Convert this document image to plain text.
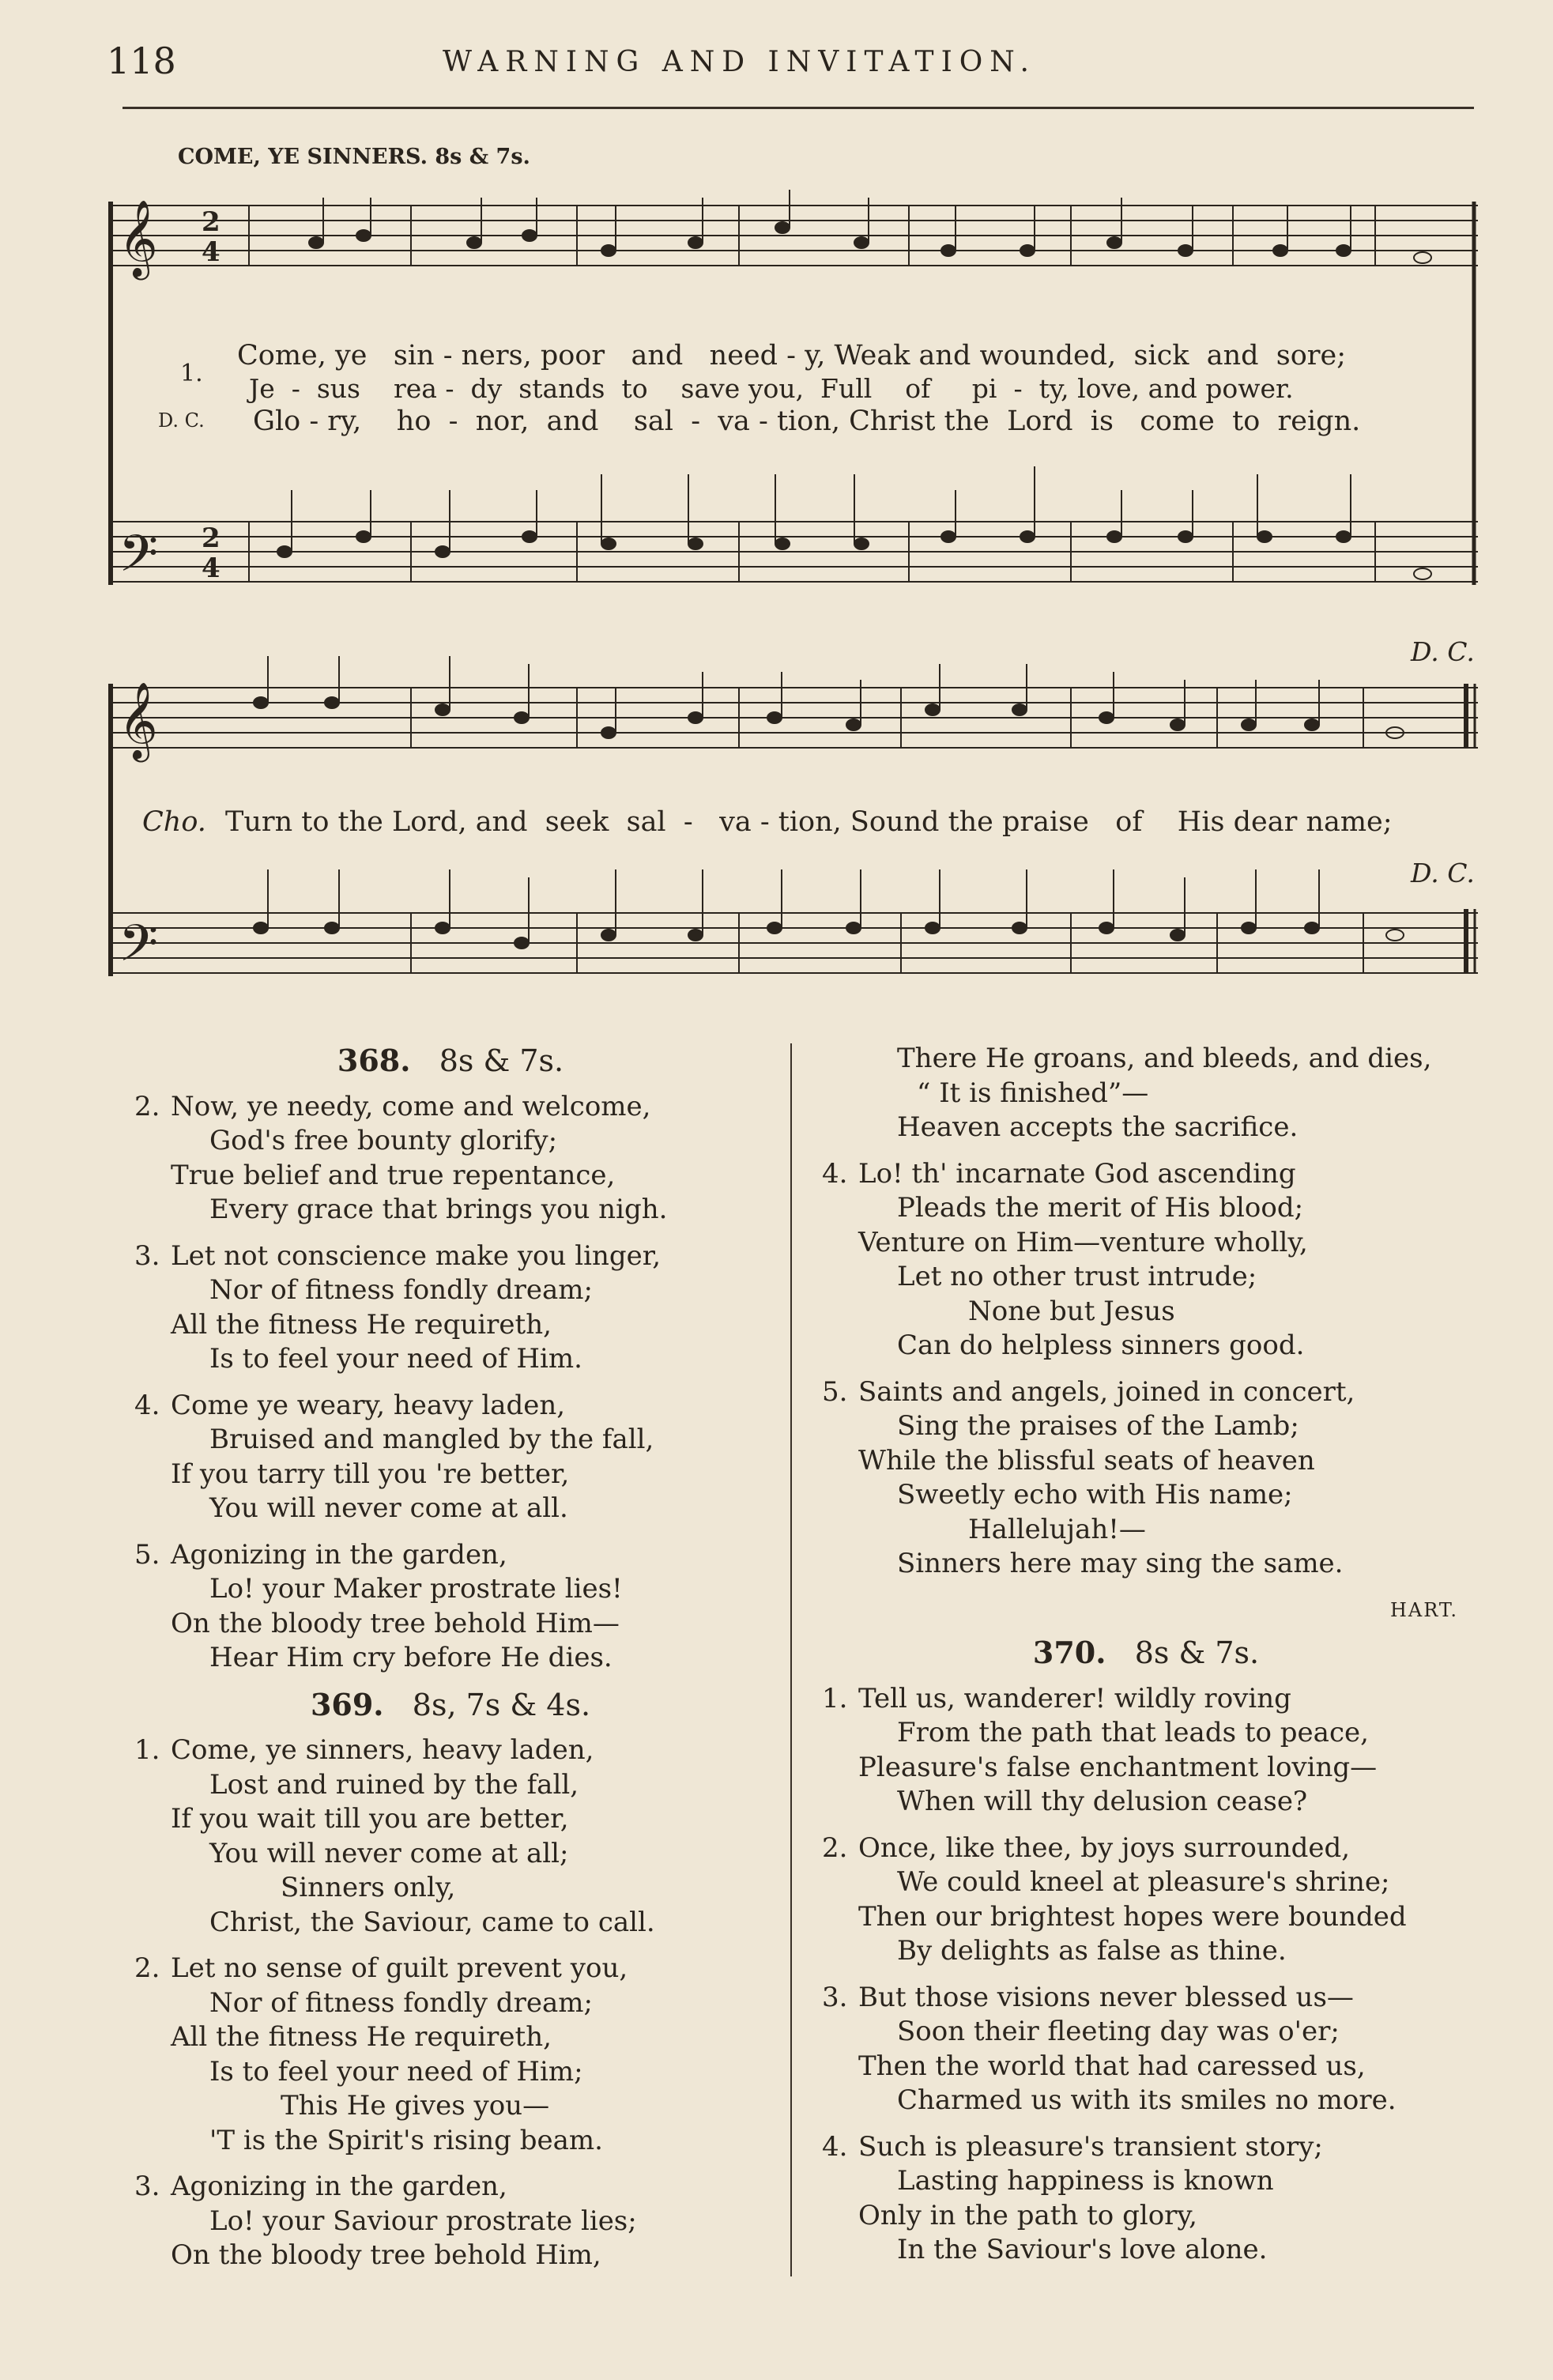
118	WARNING AND INVITATION.
COME, YE SINNERS. 8s & 7s.
𝄞
𝄢
2
4
2
4
𝄞
𝄢
1.
Come, ye   sin - ners, poor   and   need - y, Weak and wounded,  sick  and  sore;
Je  -  sus    rea -  dy  stands  to    save you,  Full    of     pi  -  ty, love, and power.
D. C. Glo - ry,    ho  -  nor,  and    sal  -  va - tion, Christ the  Lord  is   come  to  reign.
Cho. Turn to the Lord, and  seek  sal  -   va - tion, Sound the praise   of    His dear name;
D. C.
D. C.
368. 8s & 7s.
2. Now, ye needy, come and welcome,
God's free bounty glorify;
True belief and true repentance,
Every grace that brings you nigh.
3. Let not conscience make you linger,
Nor of fitness fondly dream;
All the fitness He requireth,
Is to feel your need of Him.
4. Come ye weary, heavy laden,
Bruised and mangled by the fall,
If you tarry till you 're better,
You will never come at all.
5. Agonizing in the garden,
Lo! your Maker prostrate lies!
On the bloody tree behold Him—
Hear Him cry before He dies.
369. 8s, 7s & 4s.
1. Come, ye sinners, heavy laden,
Lost and ruined by the fall,
If you wait till you are better,
You will never come at all;
Sinners only,
Christ, the Saviour, came to call.
2. Let no sense of guilt prevent you,
Nor of fitness fondly dream;
All the fitness He requireth,
Is to feel your need of Him;
This He gives you—
'T is the Spirit's rising beam.
3. Agonizing in the garden,
Lo! your Saviour prostrate lies;
On the bloody tree behold Him,
There He groans, and bleeds, and dies,
“ It is finished”—
Heaven accepts the sacrifice.
4. Lo! th' incarnate God ascending
Pleads the merit of His blood;
Venture on Him—venture wholly,
Let no other trust intrude;
None but Jesus
Can do helpless sinners good.
5. Saints and angels, joined in concert,
Sing the praises of the Lamb;
While the blissful seats of heaven
Sweetly echo with His name;
Hallelujah!—
Sinners here may sing the same.
HART.
370. 8s & 7s.
1. Tell us, wanderer! wildly roving
From the path that leads to peace,
Pleasure's false enchantment loving—
When will thy delusion cease?
2. Once, like thee, by joys surrounded,
We could kneel at pleasure's shrine;
Then our brightest hopes were bounded
By delights as false as thine.
3. But those visions never blessed us—
Soon their fleeting day was o'er;
Then the world that had caressed us,
Charmed us with its smiles no more.
4. Such is pleasure's transient story;
Lasting happiness is known
Only in the path to glory,
In the Saviour's love alone.
